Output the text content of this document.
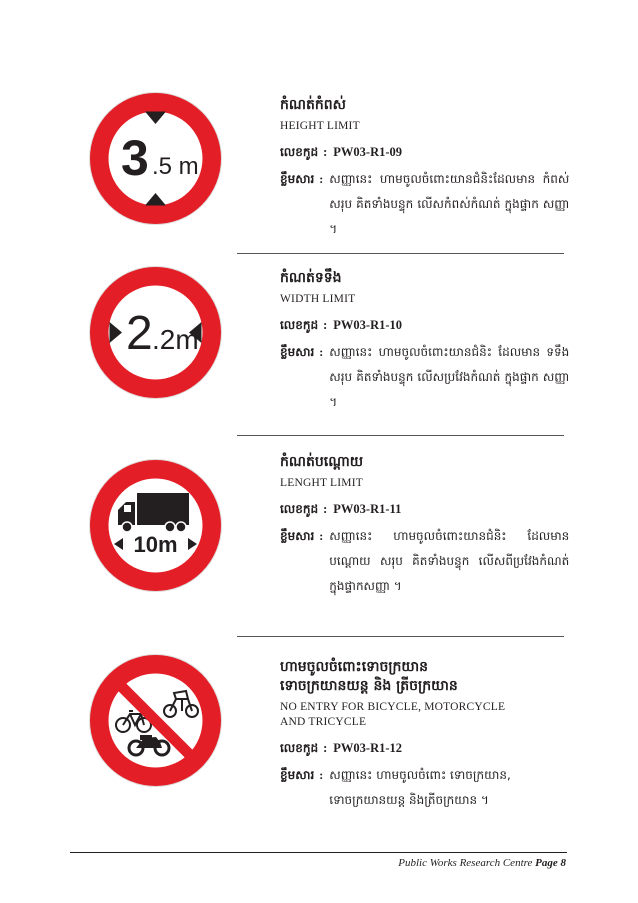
3 .5 m
កំណត់កំពស់
HEIGHT LIMIT
លេខកូដ : PW03-R1-09
ខ្លឹមសារ : សញ្ញានេះ ហាមចូលចំពោះយានជំនិះដែលមាន កំពស់ សរុប គិតទាំងបន្ទុក លើសកំពស់កំណត់ ក្នុងផ្ទាក សញ្ញា ។
2 .2m
កំណត់ទទឹង
WIDTH LIMIT
លេខកូដ : PW03-R1-10
ខ្លឹមសារ : សញ្ញានេះ ហាមចូលចំពោះយានជំនិះ ដែលមាន ទទឹង សរុប គិតទាំងបន្ទុក លើសប្រវែងកំណត់ ក្នុងផ្ទាក សញ្ញា ។
10m
កំណត់បណ្តោយ
LENGHT LIMIT
លេខកូដ : PW03-R1-11
ខ្លឹមសារ : សញ្ញានេះ ហាមចូលចំពោះយានជំនិះ ដែលមាន បណ្តោយ សរុប គិតទាំងបន្ទុក លើសពីប្រវែងកំណត់ ក្នុងផ្ទាកសញ្ញា ។
ហាមចូលចំពោះទោចក្រយាន ទោចក្រយានយន្ត និង ត្រីចក្រយាន
NO ENTRY FOR BICYCLE, MOTORCYCLE AND TRICYCLE
លេខកូដ : PW03-R1-12
ខ្លឹមសារ : សញ្ញានេះ ហាមចូលចំពោះ ទោចក្រយាន, ទោចក្រយានយន្ត និងត្រីចក្រយាន ។
Public Works Research Centre Page 8
